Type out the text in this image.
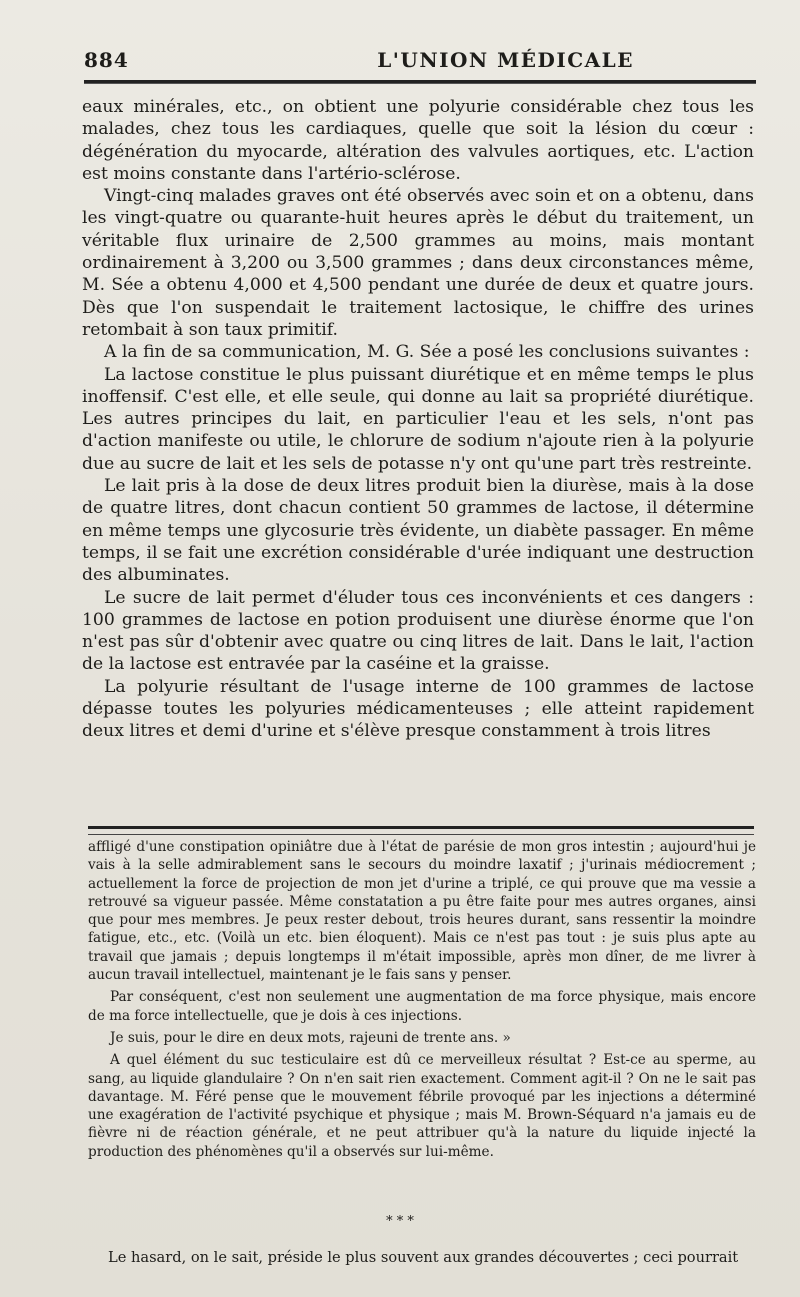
884	L'UNION MÉDICALE

eaux minérales, etc., on obtient une polyurie considérable chez tous les malades, chez tous les cardiaques, quelle que soit la lésion du cœur : dégénération du myocarde, altération des valvules aortiques, etc. L'action est moins constante dans l'artério-sclérose.

Vingt-cinq malades graves ont été observés avec soin et on a obtenu, dans les vingt-quatre ou quarante-huit heures après le début du traitement, un véritable flux urinaire de 2,500 grammes au moins, mais montant ordinairement à 3,200 ou 3,500 grammes ; dans deux circonstances même, M. Sée a obtenu 4,000 et 4,500 pendant une durée de deux et quatre jours. Dès que l'on suspendait le traitement lactosique, le chiffre des urines retombait à son taux primitif.

A la fin de sa communication, M. G. Sée a posé les conclusions suivantes :

La lactose constitue le plus puissant diurétique et en même temps le plus inoffensif. C'est elle, et elle seule, qui donne au lait sa propriété diurétique. Les autres principes du lait, en particulier l'eau et les sels, n'ont pas d'action manifeste ou utile, le chlorure de sodium n'ajoute rien à la polyurie due au sucre de lait et les sels de potasse n'y ont qu'une part très restreinte.

Le lait pris à la dose de deux litres produit bien la diurèse, mais à la dose de quatre litres, dont chacun contient 50 grammes de lactose, il détermine en même temps une glycosurie très évidente, un diabète passager. En même temps, il se fait une excrétion considérable d'urée indiquant une destruction des albuminates.

Le sucre de lait permet d'éluder tous ces inconvénients et ces dangers : 100 grammes de lactose en potion produisent une diurèse énorme que l'on n'est pas sûr d'obtenir avec quatre ou cinq litres de lait. Dans le lait, l'action de la lactose est entravée par la caséine et la graisse.

La polyurie résultant de l'usage interne de 100 grammes de lactose dépasse toutes les polyuries médicamenteuses ; elle atteint rapidement deux litres et demi d'urine et s'élève presque constamment à trois litres

affligé d'une constipation opiniâtre due à l'état de parésie de mon gros intestin ; aujourd'hui je vais à la selle admirablement sans le secours du moindre laxatif ; j'urinais médiocrement ; actuellement la force de projection de mon jet d'urine a triplé, ce qui prouve que ma vessie a retrouvé sa vigueur passée. Même constatation a pu être faite pour mes autres organes, ainsi que pour mes membres. Je peux rester debout, trois heures durant, sans ressentir la moindre fatigue, etc., etc. (Voilà un etc. bien éloquent). Mais ce n'est pas tout : je suis plus apte au travail que jamais ; depuis longtemps il m'était impossible, après mon dîner, de me livrer à aucun travail intellectuel, maintenant je le fais sans y penser.

Par conséquent, c'est non seulement une augmentation de ma force physique, mais encore de ma force intellectuelle, que je dois à ces injections.

Je suis, pour le dire en deux mots, rajeuni de trente ans. »

A quel élément du suc testiculaire est dû ce merveilleux résultat ? Est-ce au sperme, au sang, au liquide glandulaire ? On n'en sait rien exactement. Comment agit-il ? On ne le sait pas davantage. M. Féré pense que le mouvement fébrile provoqué par les injections a déterminé une exagération de l'activité psychique et physique ; mais M. Brown-Séquard n'a jamais eu de fièvre ni de réaction générale, et ne peut attribuer qu'à la nature du liquide injecté la production des phénomènes qu'il a observés sur lui-même.

* * *

Le hasard, on le sait, préside le plus souvent aux grandes découvertes ; ceci pourrait
